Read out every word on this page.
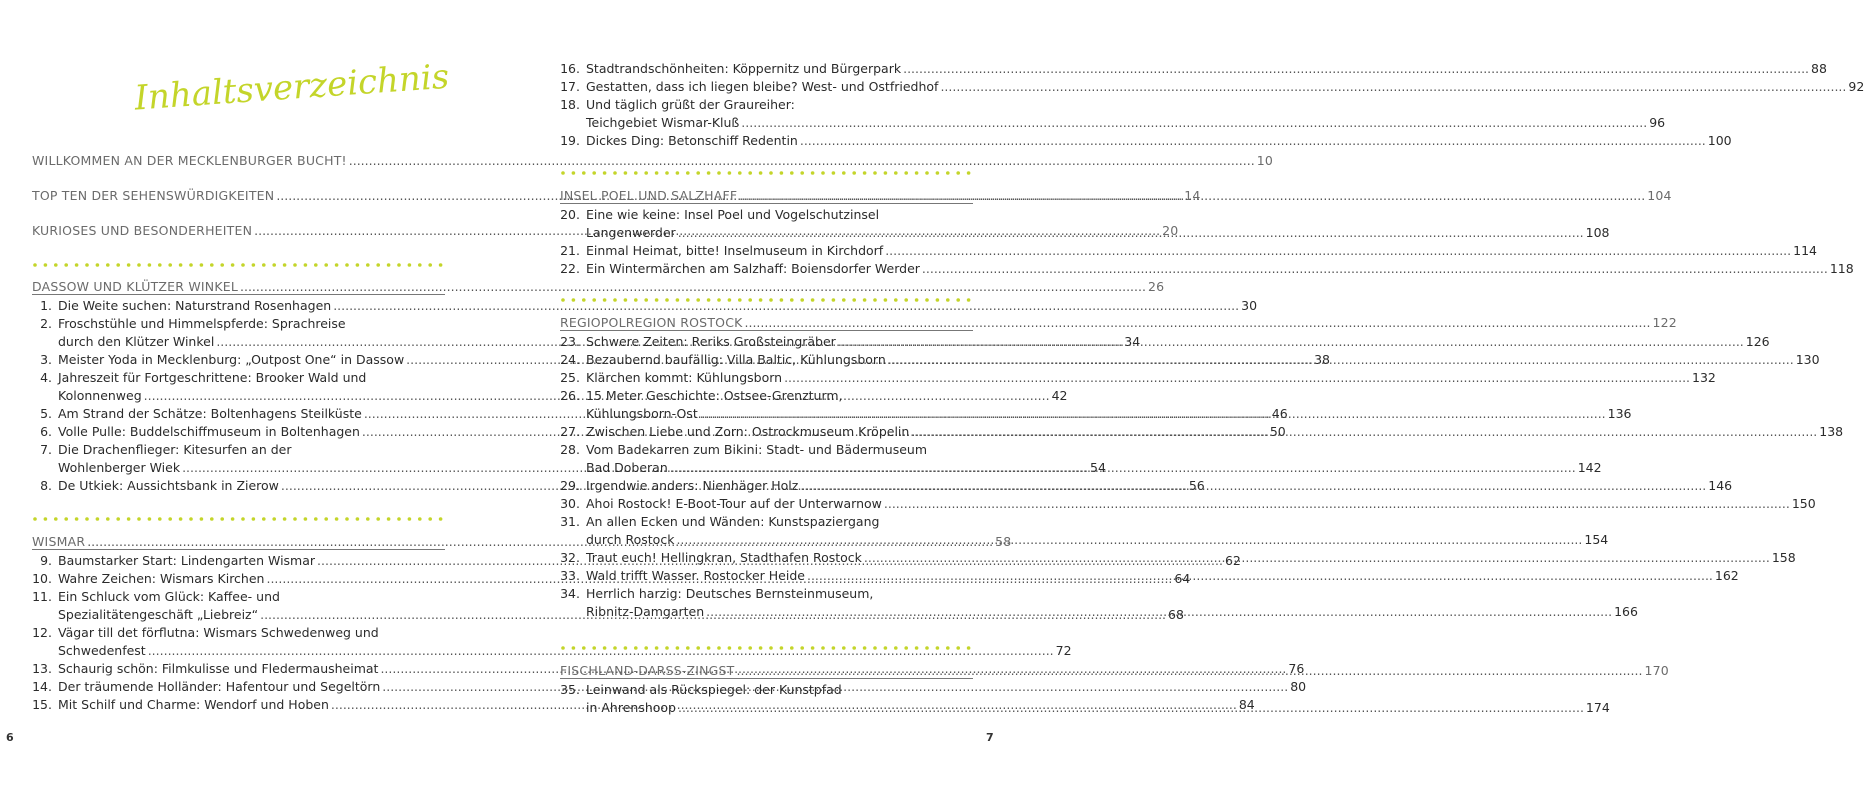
Inhaltsverzeichnis
WILLKOMMEN AN DER MECKLENBURGER BUCHT! .....	10
TOP TEN DER SEHENSWÜRDIGKEITEN .....	14
KURIOSES UND BESONDERHEITEN .....	20
DASSOW UND KLÜTZER WINKEL .....	26
1. Die Weite suchen: Naturstrand Rosenhagen .....	30
2. Froschstühle und Himmelspferde: Sprachreise
durch den Klützer Winkel .....	34
3. Meister Yoda in Mecklenburg: „Outpost One“ in Dassow .....	38
4. Jahreszeit für Fortgeschrittene: Brooker Wald und
Kolonnenweg .....	42
5. Am Strand der Schätze: Boltenhagens Steilküste .....	46
6. Volle Pulle: Buddelschiffmuseum in Boltenhagen .....	50
7. Die Drachenflieger: Kitesurfen an der
Wohlenberger Wiek .....	54
8. De Utkiek: Aussichtsbank in Zierow .....	56
WISMAR .....	58
9. Baumstarker Start: Lindengarten Wismar .....	62
10. Wahre Zeichen: Wismars Kirchen .....	64
11. Ein Schluck vom Glück: Kaffee- und
Spezialitätengeschäft „Liebreiz“ .....	68
12. Vägar till det förflutna: Wismars Schwedenweg und
Schwedenfest .....	72
13. Schaurig schön: Filmkulisse und Fledermausheimat .....	76
14. Der träumende Holländer: Hafentour und Segeltörn .....	80
15. Mit Schilf und Charme: Wendorf und Hoben .....	84
6
16. Stadtrandschönheiten: Köppernitz und Bürgerpark .....	88
17. Gestatten, dass ich liegen bleibe? West- und Ostfriedhof .....	92
18. Und täglich grüßt der Graureiher:
Teichgebiet Wismar-Kluß .....	96
19. Dickes Ding: Betonschiff Redentin .....	100
INSEL POEL UND SALZHAFF .....	104
20. Eine wie keine: Insel Poel und Vogelschutzinsel
Langenwerder .....	108
21. Einmal Heimat, bitte! Inselmuseum in Kirchdorf .....	114
22. Ein Wintermärchen am Salzhaff: Boiensdorfer Werder .....	118
REGIOPOLREGION ROSTOCK .....	122
23. Schwere Zeiten: Reriks Großsteingräber .....	126
24. Bezaubernd baufällig: Villa Baltic, Kühlungsborn .....	130
25. Klärchen kommt: Kühlungsborn .....	132
26. 15 Meter Geschichte: Ostsee-Grenzturm,
Kühlungsborn-Ost .....	136
27. Zwischen Liebe und Zorn: Ostrockmuseum Kröpelin .....	138
28. Vom Badekarren zum Bikini: Stadt- und Bädermuseum
Bad Doberan .....	142
29. Irgendwie anders: Nienhäger Holz .....	146
30. Ahoi Rostock! E-Boot-Tour auf der Unterwarnow .....	150
31. An allen Ecken und Wänden: Kunstspaziergang
durch Rostock .....	154
32. Traut euch! Hellingkran, Stadthafen Rostock .....	158
33. Wald trifft Wasser. Rostocker Heide .....	162
34. Herrlich harzig: Deutsches Bernsteinmuseum,
Ribnitz-Damgarten .....	166
FISCHLAND-DARSS-ZINGST .....	170
35. Leinwand als Rückspiegel: der Kunstpfad
in Ahrenshoop .....	174
7
